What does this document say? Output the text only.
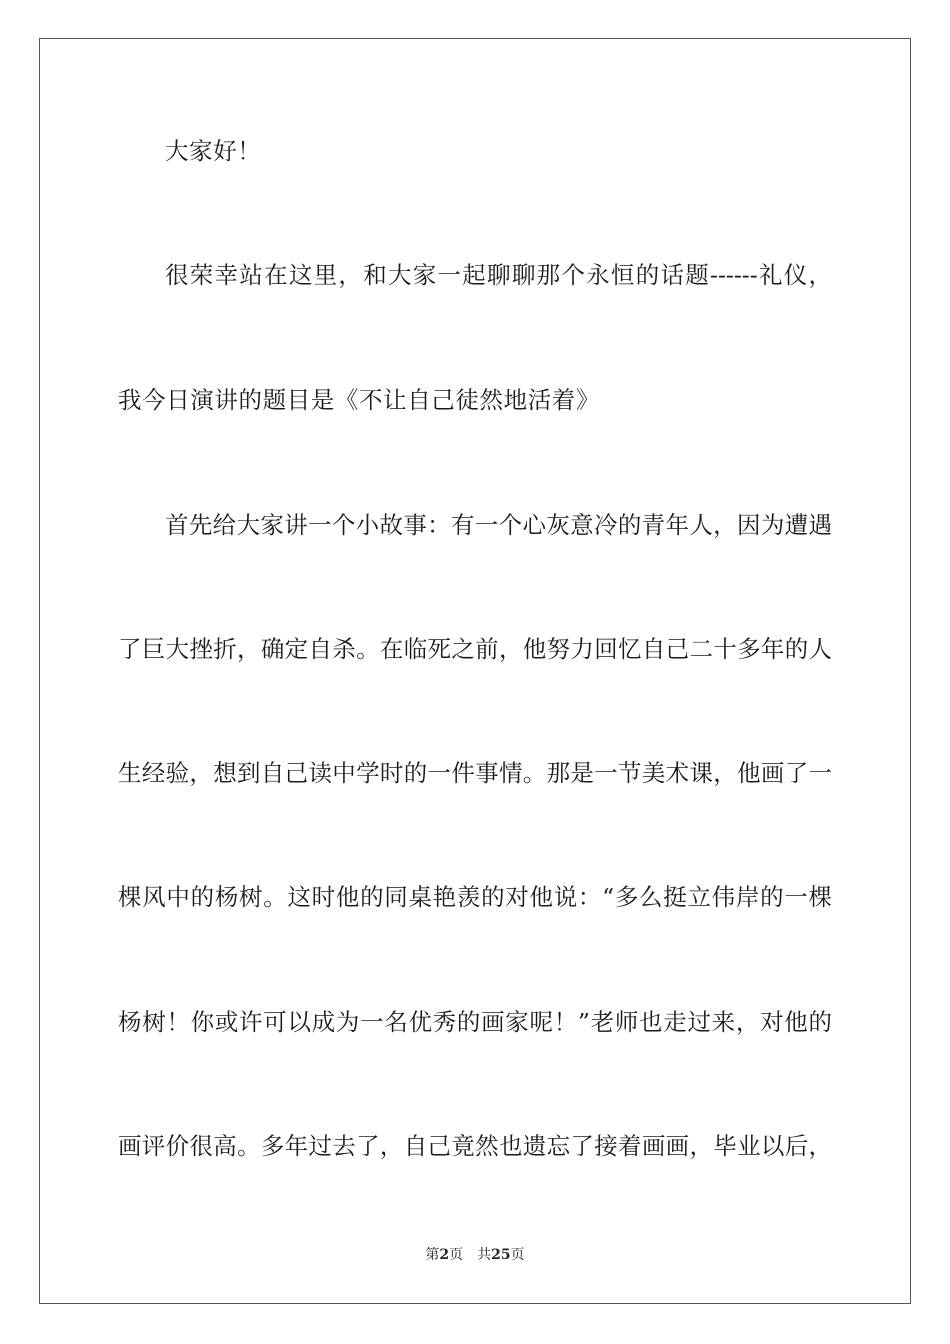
大家好！
很荣幸站在这里，和大家一起聊聊那个永恒的话题------礼仪，
我今日演讲的题目是《不让自己徒然地活着》
首先给大家讲一个小故事：有一个心灰意冷的青年人，因为遭遇
了巨大挫折，确定自杀。在临死之前，他努力回忆自己二十多年的人
生经验，想到自己读中学时的一件事情。那是一节美术课，他画了一
棵风中的杨树。这时他的同桌艳羡的对他说：“多么挺立伟岸的一棵
杨树！你或许可以成为一名优秀的画家呢！”老师也走过来，对他的
画评价很高。多年过去了，自己竟然也遗忘了接着画画，毕业以后，
第2页 共25页
